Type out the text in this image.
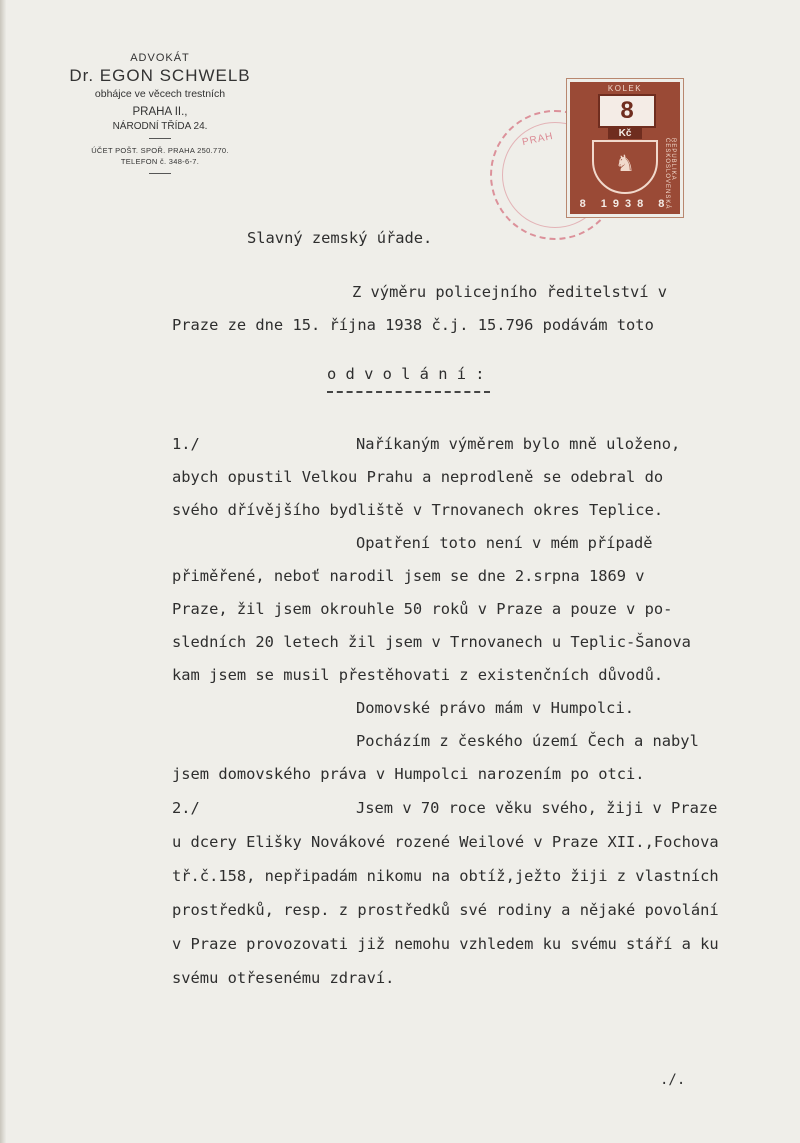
ADVOKÁT
Dr. EGON SCHWELB
obhájce ve věcech trestních
PRAHA II.,
NÁRODNÍ TŘÍDA 24.
ÚČET POŠT. SPOŘ. PRAHA 250.770.
TELEFON č. 348-6-7.
PRAH
KOLEK
8
Kč
♞	REPUBLIKA ČESKOSLOVENSKÁ
8 1938 8
Slavný zemský úřade.
Z výměru policejního ředitelství v
Praze ze dne 15. října 1938 č.j. 15.796 podávám toto
o d v o l á n í :
1./	Naříkaným výměrem bylo mně uloženo,
abych opustil Velkou Prahu a neprodleně se odebral do
svého dřívějšího bydliště v Trnovanech okres Teplice.
Opatření toto není v mém případě
přiměřené, neboť narodil jsem se dne 2.srpna 1869 v
Praze, žil jsem okrouhle 50 roků v Praze a pouze v po-
sledních 20 letech žil jsem v Trnovanech u Teplic-Šanova
kam jsem se musil přestěhovati z existenčních důvodů.
Domovské právo mám v Humpolci.
Pocházím z českého území Čech a nabyl
jsem domovského práva v Humpolci narozením po otci.
2./	Jsem v 70 roce věku svého, žiji v Praze
u dcery Elišky Novákové rozené Weilové v Praze XII.,Fochova
tř.č.158, nepřipadám nikomu na obtíž,ježto žiji z vlastních
prostředků, resp. z prostředků své rodiny a nějaké povolání
v Praze provozovati již nemohu vzhledem ku svému stáří a ku
svému otřesenému zdraví.
./.
